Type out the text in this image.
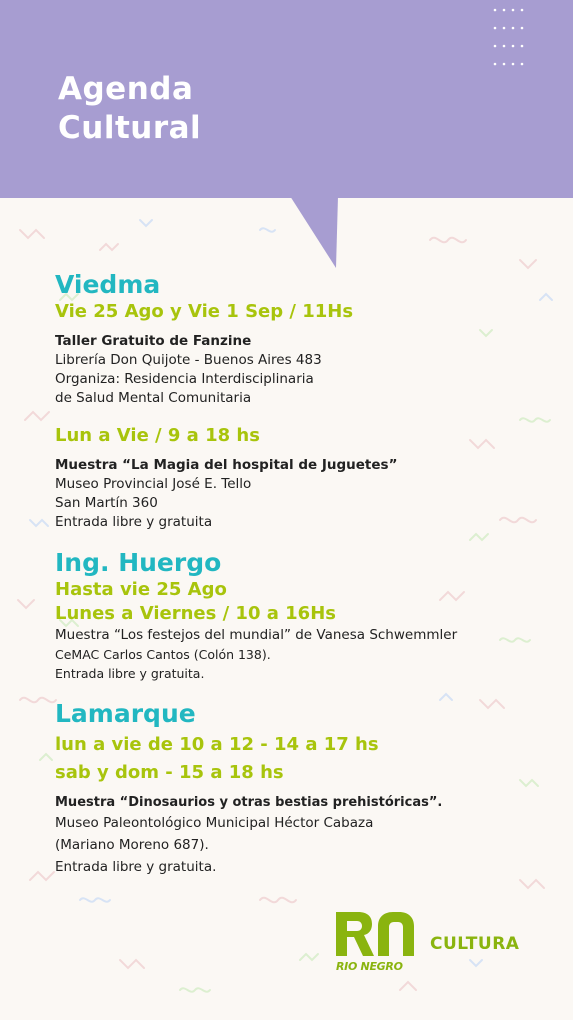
Agenda
Cultural
Viedma

Vie 25 Ago y Vie 1 Sep / 11Hs

Taller Gratuito de Fanzine
Librería Don Quijote - Buenos Aires 483
Organiza: Residencia Interdisciplinaria
de Salud Mental Comunitaria

Lun a Vie / 9 a 18 hs

Muestra “La Magia del hospital de Juguetes”
Museo Provincial José E. Tello
San Martín 360
Entrada libre y gratuita
Ing. Huergo

Hasta vie 25 Ago

Lunes a Viernes / 10 a 16Hs

Muestra “Los festejos del mundial” de Vanesa Schwemmler
CeMAC Carlos Cantos (Colón 138).
Entrada libre y gratuita.
Lamarque

lun a vie de 10 a 12 - 14 a 17 hs

sab y dom - 15 a 18 hs

Muestra “Dinosaurios y otras bestias prehistóricas”.
Museo Paleontológico Municipal Héctor Cabaza
(Mariano Moreno 687).
Entrada libre y gratuita.
RIO NEGRO
CULTURA
